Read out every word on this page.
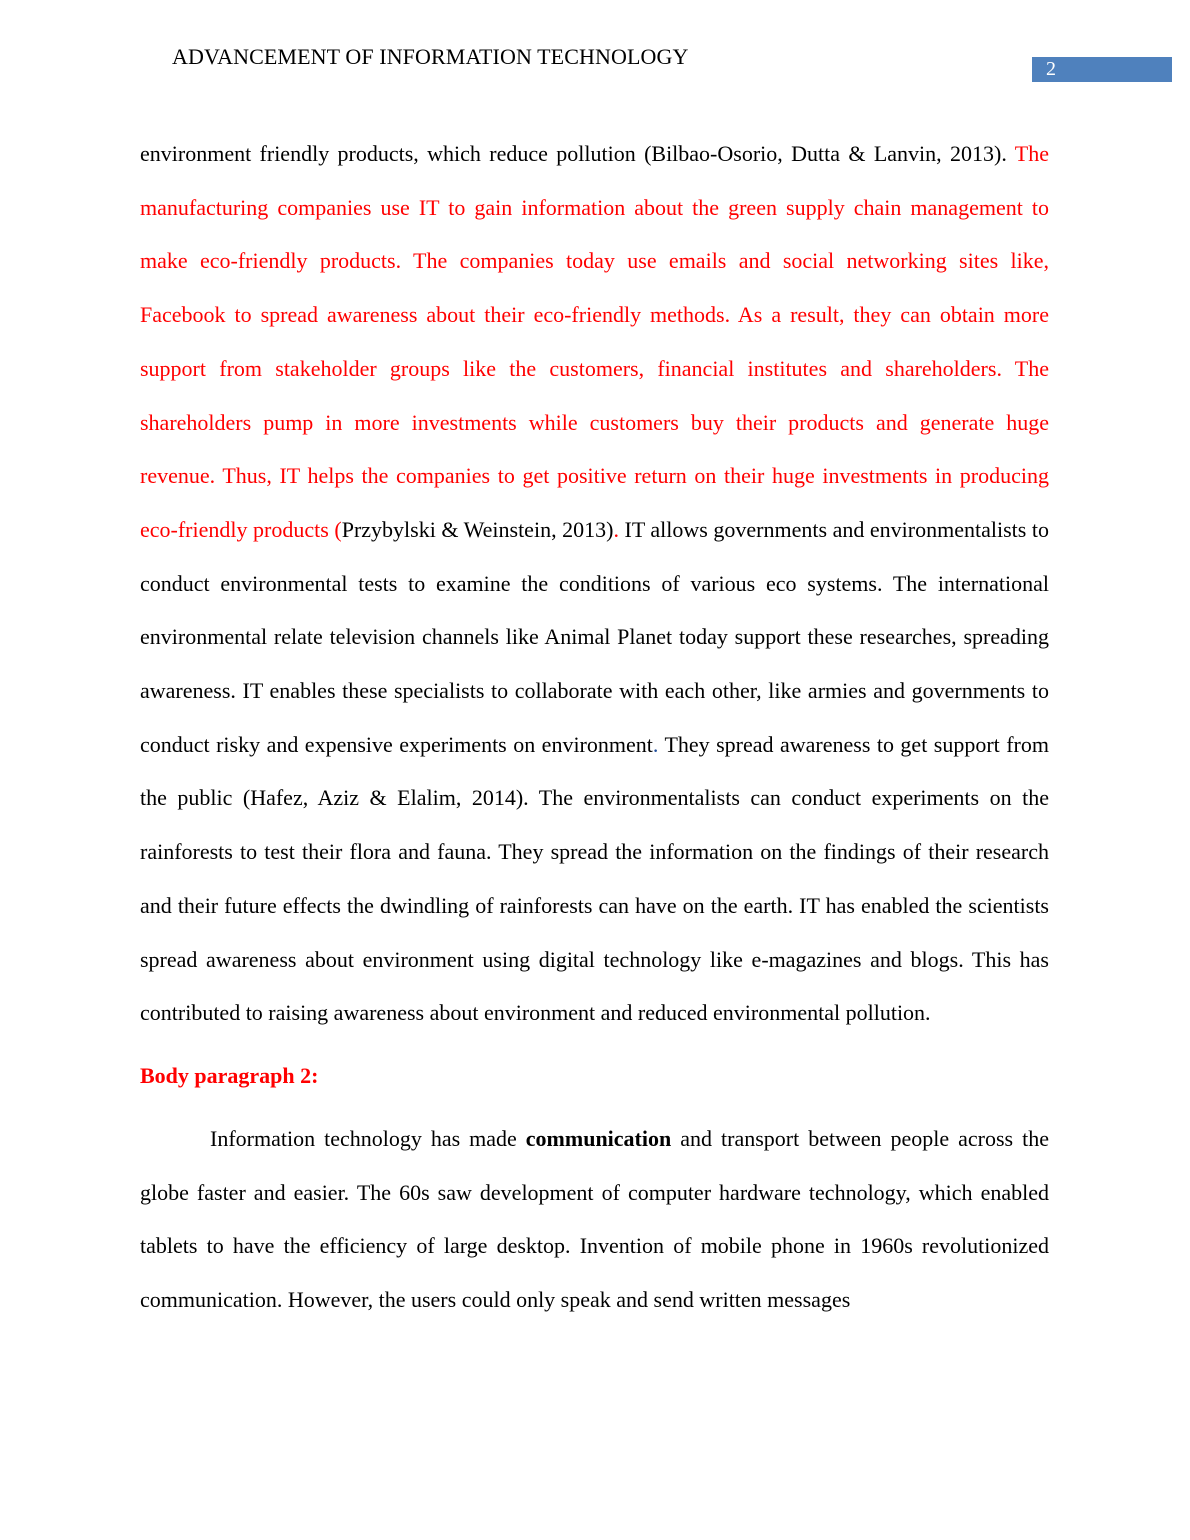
ADVANCEMENT OF INFORMATION TECHNOLOGY	2

environment friendly products, which reduce pollution (Bilbao-Osorio, Dutta & Lanvin, 2013). The manufacturing companies use IT to gain information about the green supply chain management to make eco-friendly products. The companies today use emails and social networking sites like, Facebook to spread awareness about their eco-friendly methods. As a result, they can obtain more support from stakeholder groups like the customers, financial institutes and shareholders. The shareholders pump in more investments while customers buy their products and generate huge revenue. Thus, IT helps the companies to get positive return on their huge investments in producing eco-friendly products (Przybylski & Weinstein, 2013). IT allows governments and environmentalists to conduct environmental tests to examine the conditions of various eco systems. The international environmental relate television channels like Animal Planet today support these researches, spreading awareness. IT enables these specialists to collaborate with each other, like armies and governments to conduct risky and expensive experiments on environment. They spread awareness to get support from the public (Hafez, Aziz & Elalim, 2014). The environmentalists can conduct experiments on the rainforests to test their flora and fauna. They spread the information on the findings of their research and their future effects the dwindling of rainforests can have on the earth. IT has enabled the scientists spread awareness about environment using digital technology like e-magazines and blogs. This has contributed to raising awareness about environment and reduced environmental pollution.

Body paragraph 2:

Information technology has made communication and transport between people across the globe faster and easier. The 60s saw development of computer hardware technology, which enabled tablets to have the efficiency of large desktop. Invention of mobile phone in 1960s revolutionized communication. However, the users could only speak and send written messages
